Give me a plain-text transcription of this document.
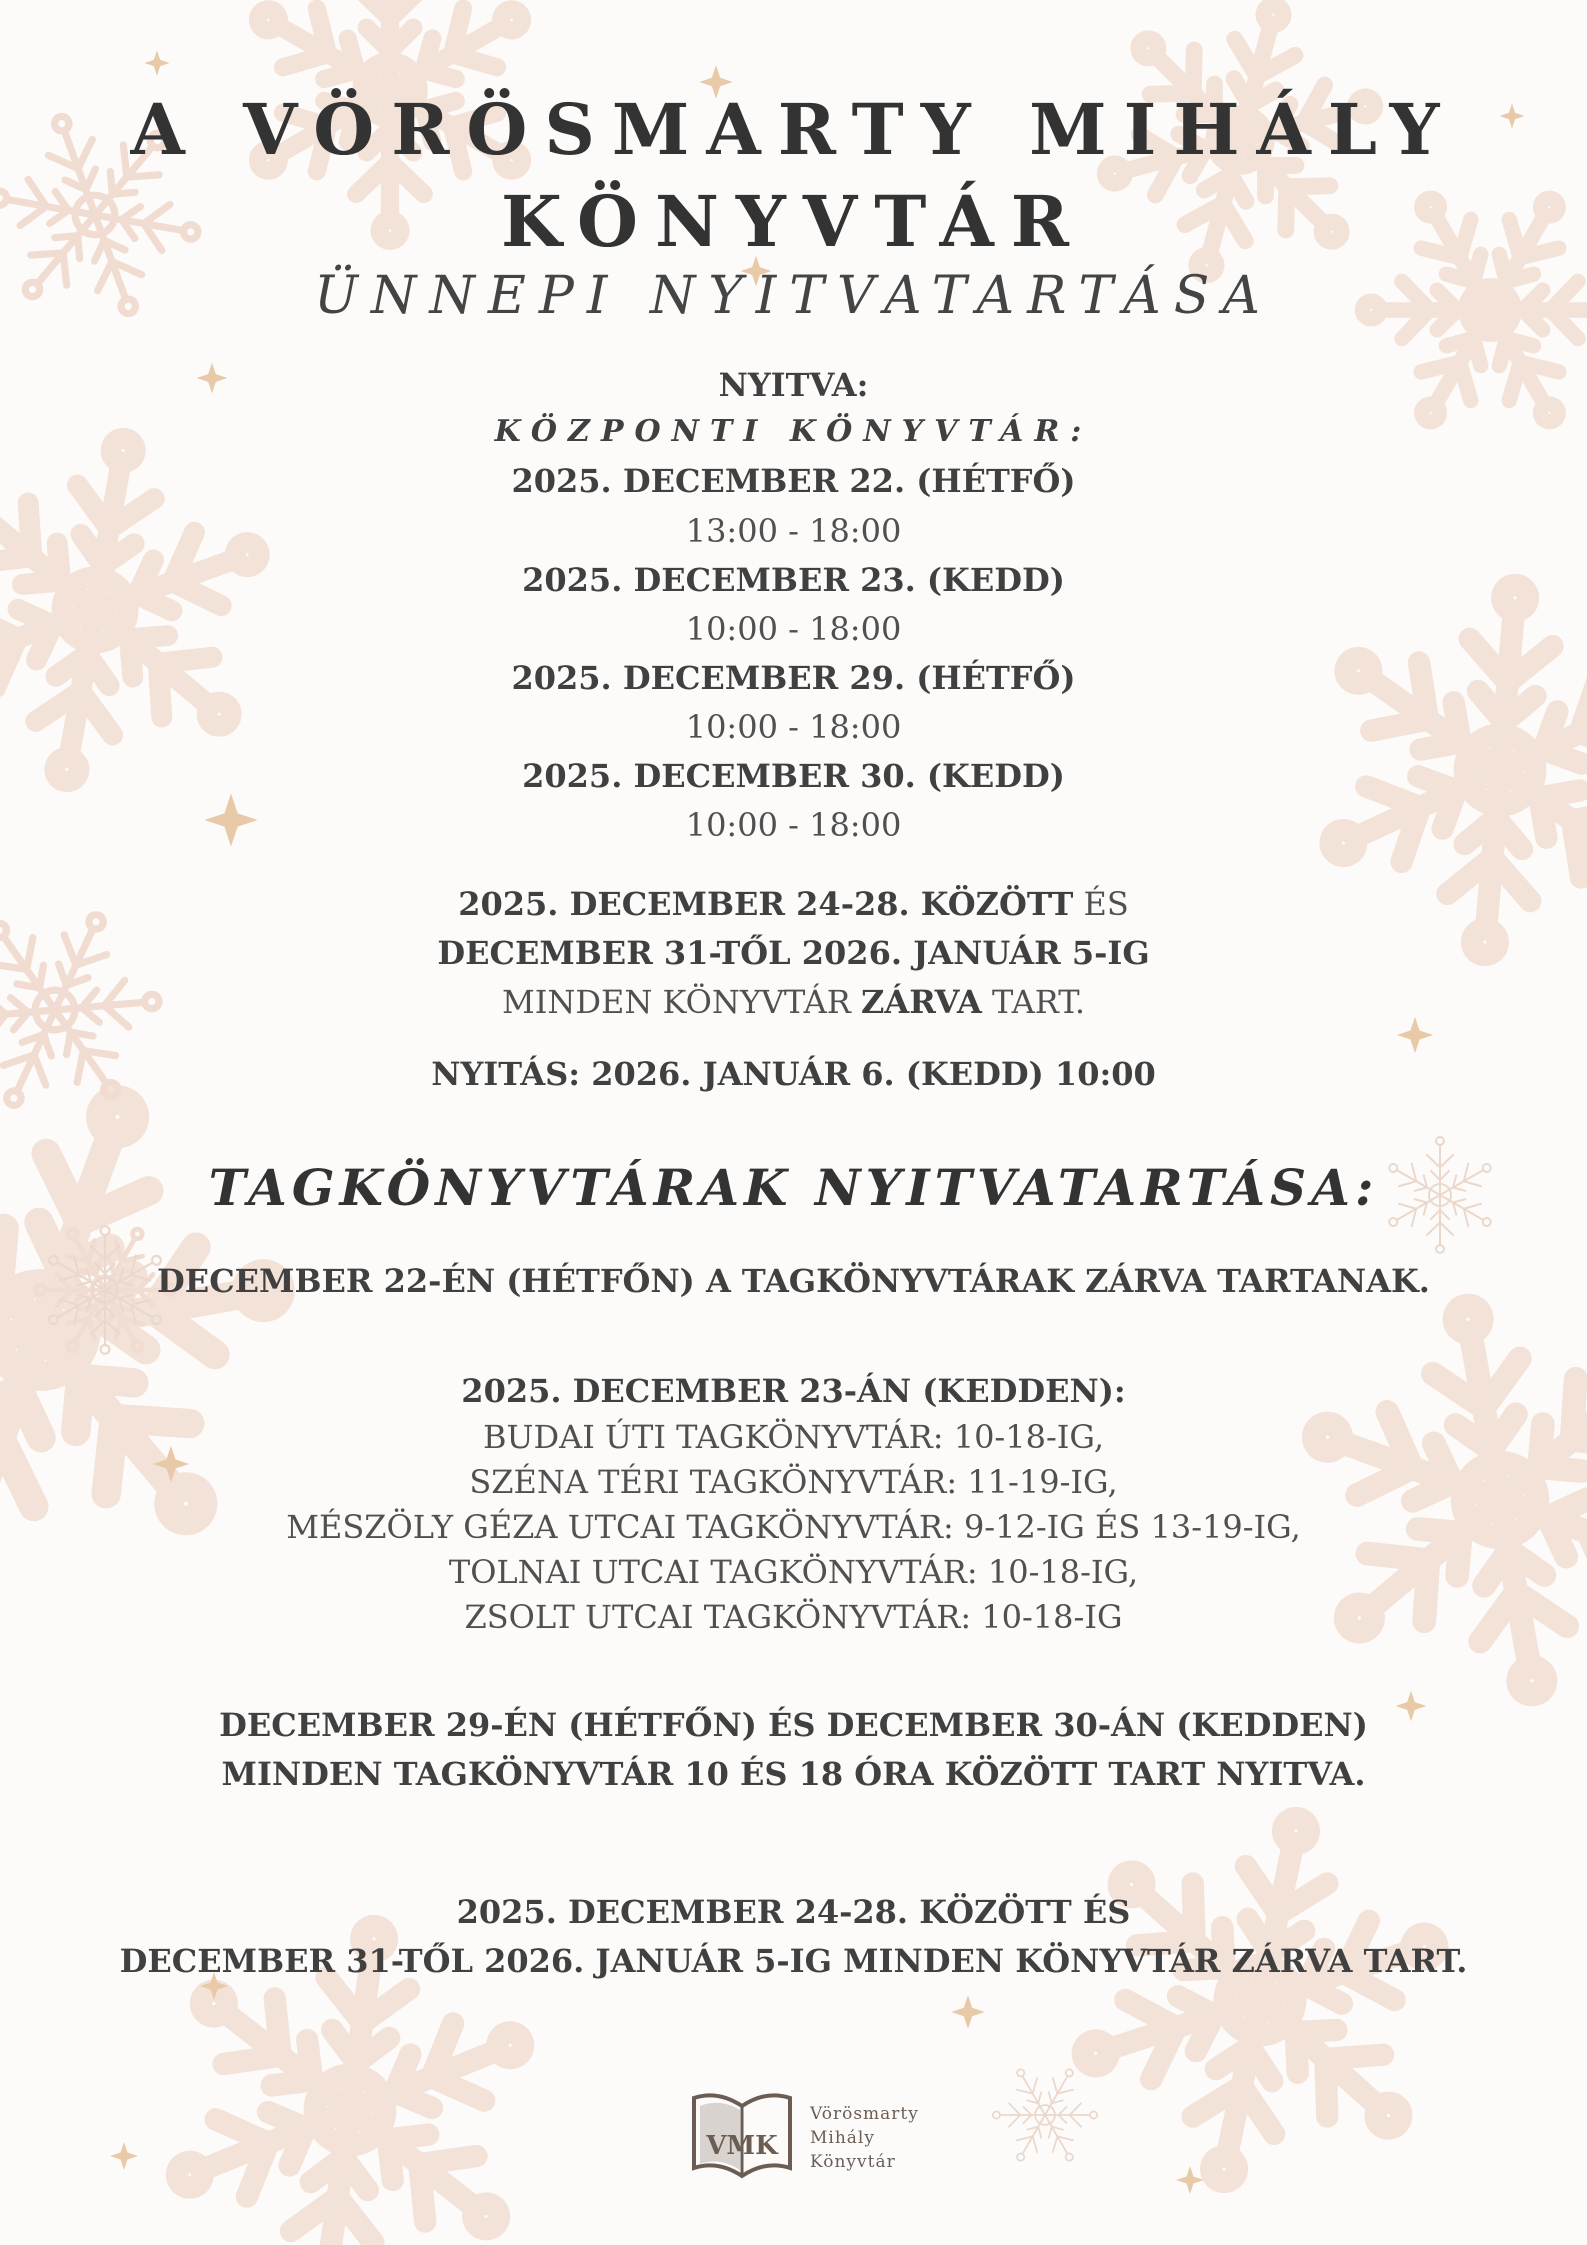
A VÖRÖSMARTY MIHÁLY
KÖNYVTÁR
ÜNNEPI NYITVATARTÁSA
NYITVA:
KÖZPONTI KÖNYVTÁR:
2025. DECEMBER 22. (HÉTFŐ)
13:00 - 18:00
2025. DECEMBER 23. (KEDD)
10:00 - 18:00
2025. DECEMBER 29. (HÉTFŐ)
10:00 - 18:00
2025. DECEMBER 30. (KEDD)
10:00 - 18:00
2025. DECEMBER 24-28. KÖZÖTT ÉS
DECEMBER 31-TŐL 2026. JANUÁR 5-IG
MINDEN KÖNYVTÁR ZÁRVA TART.
NYITÁS: 2026. JANUÁR 6. (KEDD) 10:00
TAGKÖNYVTÁRAK NYITVATARTÁSA:
DECEMBER 22-ÉN (HÉTFŐN) A TAGKÖNYVTÁRAK ZÁRVA TARTANAK.
2025. DECEMBER 23-ÁN (KEDDEN):
BUDAI ÚTI TAGKÖNYVTÁR: 10-18-IG,
SZÉNA TÉRI TAGKÖNYVTÁR: 11-19-IG,
MÉSZÖLY GÉZA UTCAI TAGKÖNYVTÁR: 9-12-IG ÉS 13-19-IG,
TOLNAI UTCAI TAGKÖNYVTÁR: 10-18-IG,
ZSOLT UTCAI TAGKÖNYVTÁR: 10-18-IG
DECEMBER 29-ÉN (HÉTFŐN) ÉS DECEMBER 30-ÁN (KEDDEN)
MINDEN TAGKÖNYVTÁR 10 ÉS 18 ÓRA KÖZÖTT TART NYITVA.
2025. DECEMBER 24-28. KÖZÖTT ÉS
DECEMBER 31-TŐL 2026. JANUÁR 5-IG MINDEN KÖNYVTÁR ZÁRVA TART.
VMK
Vörösmarty
Mihály
Könyvtár
